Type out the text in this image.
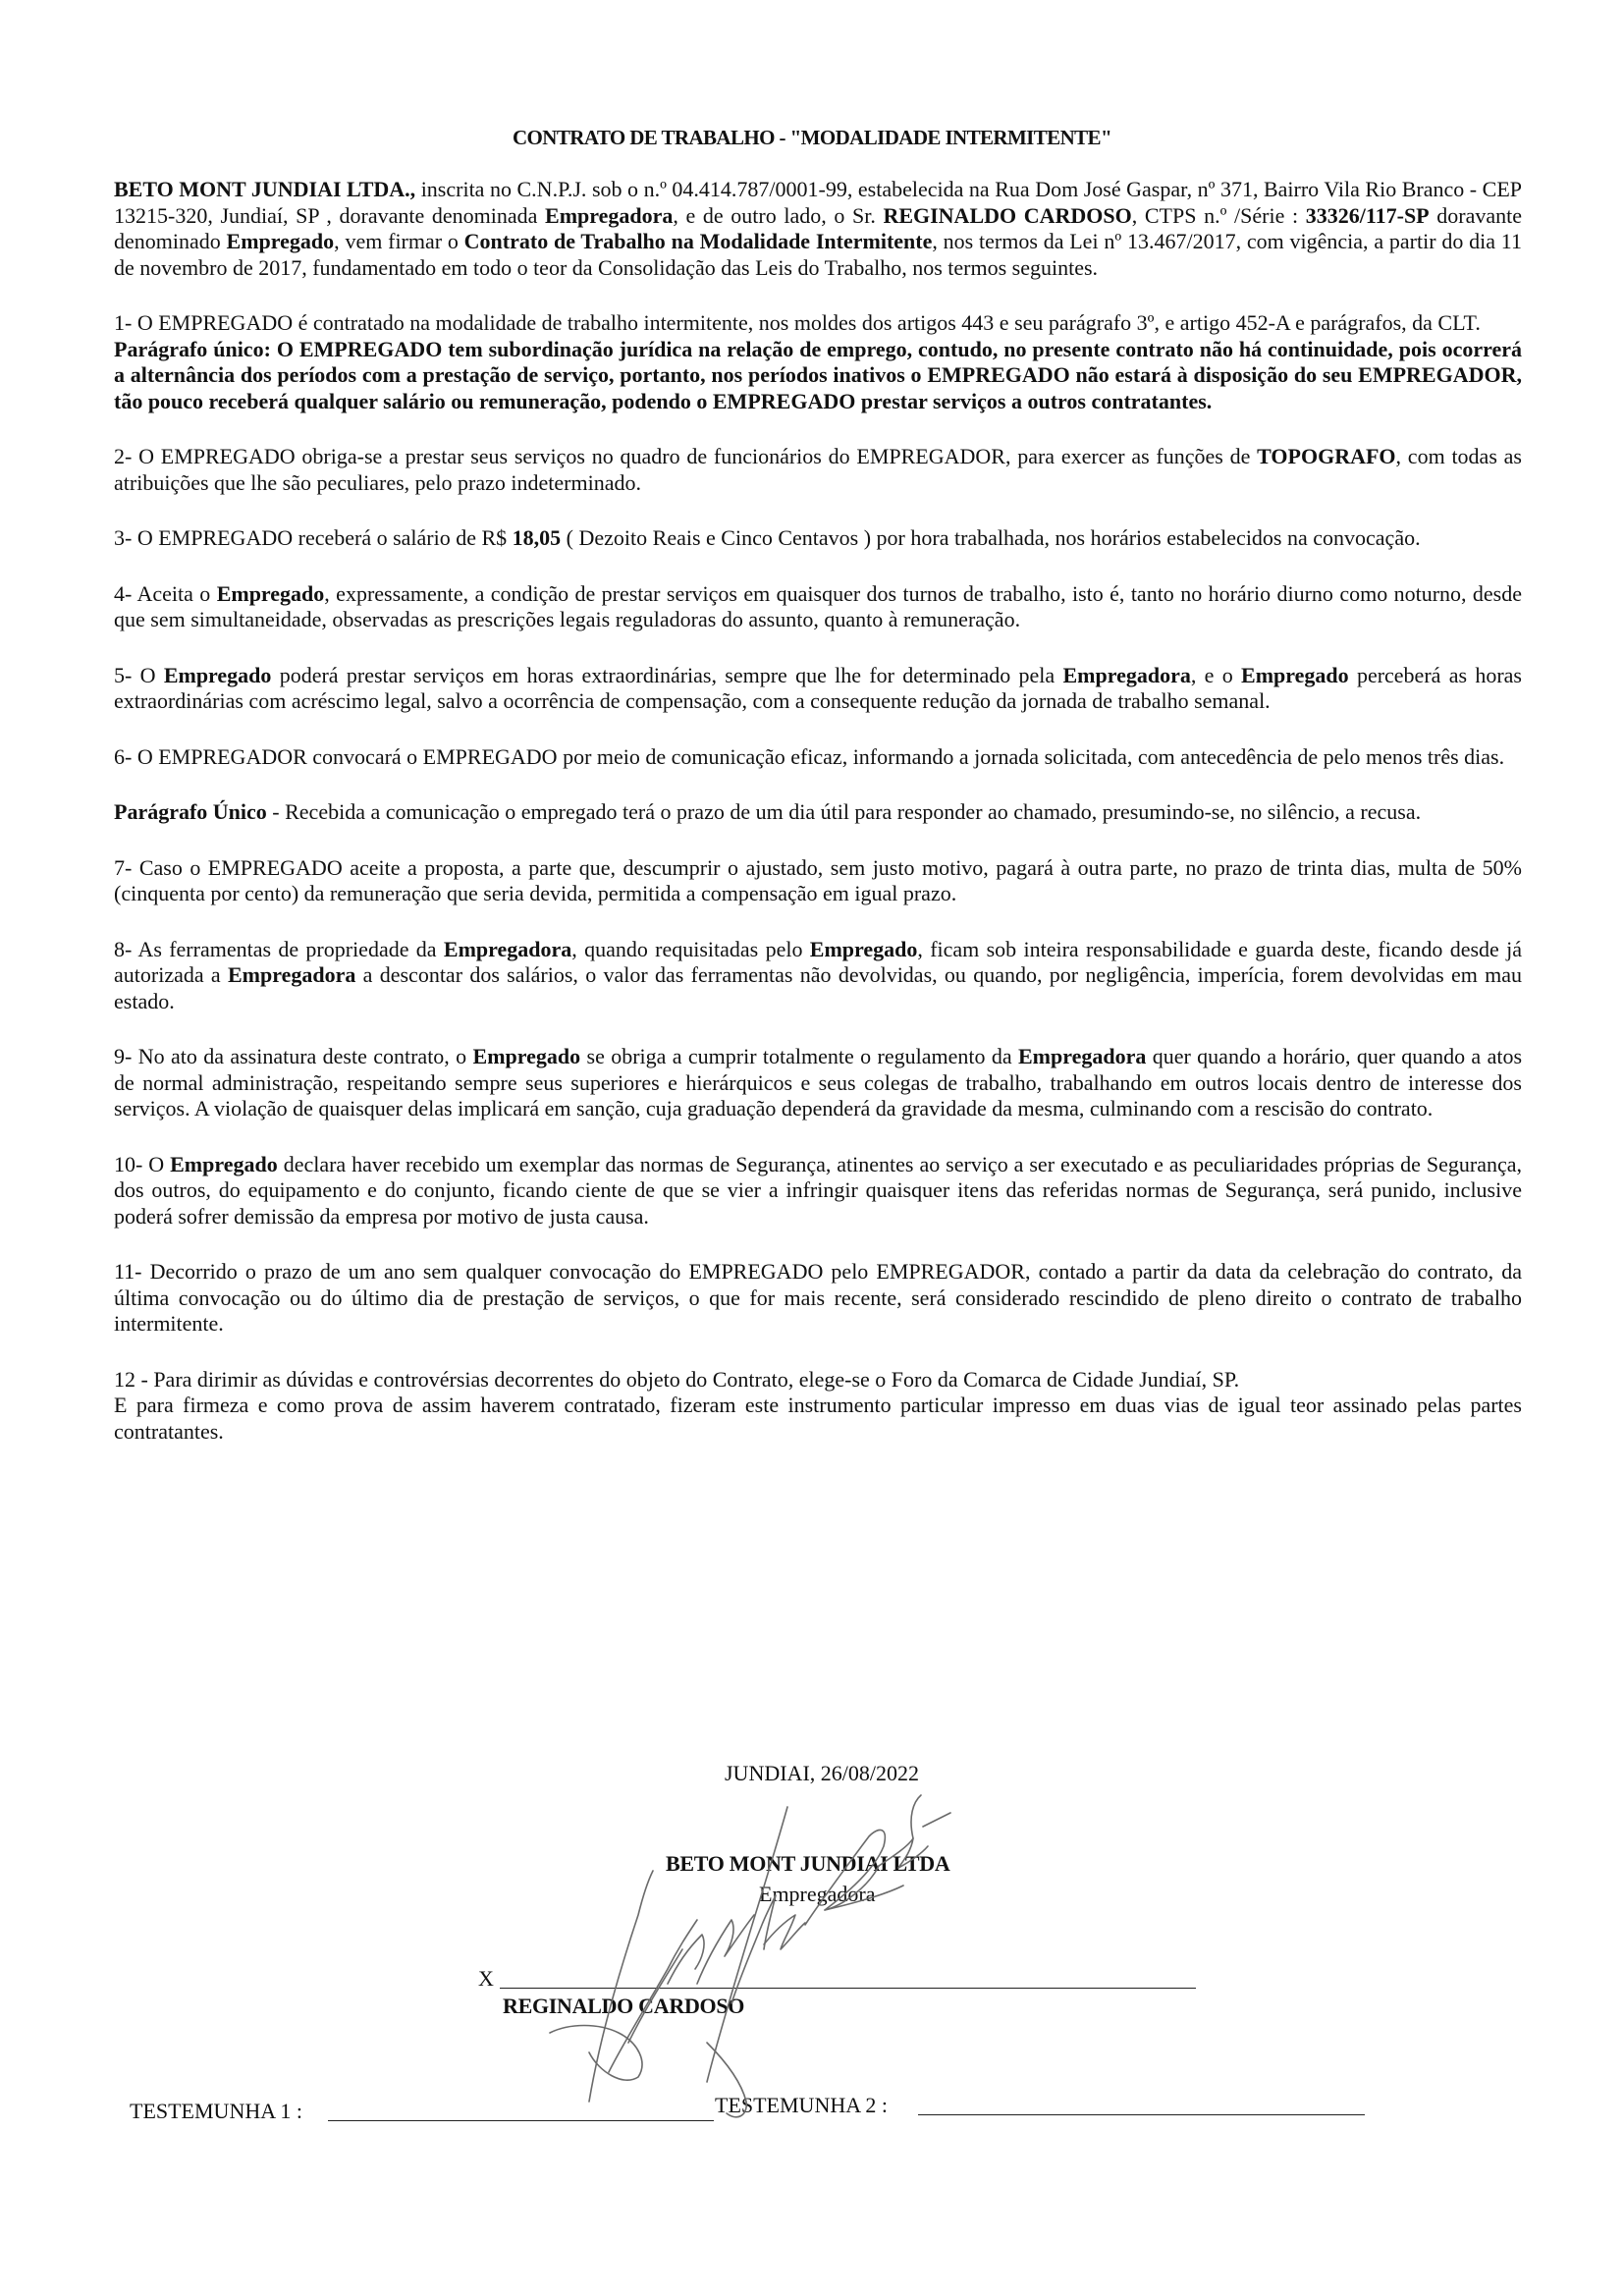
CONTRATO DE TRABALHO - "MODALIDADE INTERMITENTE"

BETO MONT JUNDIAI LTDA., inscrita no C.N.P.J. sob o n.º 04.414.787/0001-99, estabelecida na Rua Dom José Gaspar, nº 371, Bairro Vila Rio Branco - CEP 13215-320, Jundiaí, SP , doravante denominada Empregadora, e de outro lado, o Sr. REGINALDO CARDOSO, CTPS n.º /Série : 33326/117-SP doravante denominado Empregado, vem firmar o Contrato de Trabalho na Modalidade Intermitente, nos termos da Lei nº 13.467/2017, com vigência, a partir do dia 11 de novembro de 2017, fundamentado em todo o teor da Consolidação das Leis do Trabalho, nos termos seguintes.

1- O EMPREGADO é contratado na modalidade de trabalho intermitente, nos moldes dos artigos 443 e seu parágrafo 3º, e artigo 452-A e parágrafos, da CLT.

Parágrafo único: O EMPREGADO tem subordinação jurídica na relação de emprego, contudo, no presente contrato não há continuidade, pois ocorrerá a alternância dos períodos com a prestação de serviço, portanto, nos períodos inativos o EMPREGADO não estará à disposição do seu EMPREGADOR, tão pouco receberá qualquer salário ou remuneração, podendo o EMPREGADO prestar serviços a outros contratantes.

2- O EMPREGADO obriga-se a prestar seus serviços no quadro de funcionários do EMPREGADOR, para exercer as funções de TOPOGRAFO, com todas as atribuições que lhe são peculiares, pelo prazo indeterminado.

3- O EMPREGADO receberá o salário de R$ 18,05 ( Dezoito Reais e Cinco Centavos ) por hora trabalhada, nos horários estabelecidos na convocação.

4- Aceita o Empregado, expressamente, a condição de prestar serviços em quaisquer dos turnos de trabalho, isto é, tanto no horário diurno como noturno, desde que sem simultaneidade, observadas as prescrições legais reguladoras do assunto, quanto à remuneração.

5- O Empregado poderá prestar serviços em horas extraordinárias, sempre que lhe for determinado pela Empregadora, e o Empregado perceberá as horas extraordinárias com acréscimo legal, salvo a ocorrência de compensação, com a consequente redução da jornada de trabalho semanal.

6- O EMPREGADOR convocará o EMPREGADO por meio de comunicação eficaz, informando a jornada solicitada, com antecedência de pelo menos três dias.

Parágrafo Único - Recebida a comunicação o empregado terá o prazo de um dia útil para responder ao chamado, presumindo-se, no silêncio, a recusa.

7- Caso o EMPREGADO aceite a proposta, a parte que, descumprir o ajustado, sem justo motivo, pagará à outra parte, no prazo de trinta dias, multa de 50% (cinquenta por cento) da remuneração que seria devida, permitida a compensação em igual prazo.

8- As ferramentas de propriedade da Empregadora, quando requisitadas pelo Empregado, ficam sob inteira responsabilidade e guarda deste, ficando desde já autorizada a Empregadora a descontar dos salários, o valor das ferramentas não devolvidas, ou quando, por negligência, imperícia, forem devolvidas em mau estado.

9- No ato da assinatura deste contrato, o Empregado se obriga a cumprir totalmente o regulamento da Empregadora quer quando a horário, quer quando a atos de normal administração, respeitando sempre seus superiores e hierárquicos e seus colegas de trabalho, trabalhando em outros locais dentro de interesse dos serviços. A violação de quaisquer delas implicará em sanção, cuja graduação dependerá da gravidade da mesma, culminando com a rescisão do contrato.

10- O Empregado declara haver recebido um exemplar das normas de Segurança, atinentes ao serviço a ser executado e as peculiaridades próprias de Segurança, dos outros, do equipamento e do conjunto, ficando ciente de que se vier a infringir quaisquer itens das referidas normas de Segurança, será punido, inclusive poderá sofrer demissão da empresa por motivo de justa causa.

11- Decorrido o prazo de um ano sem qualquer convocação do EMPREGADO pelo EMPREGADOR, contado a partir da data da celebração do contrato, da última convocação ou do último dia de prestação de serviços, o que for mais recente, será considerado rescindido de pleno direito o contrato de trabalho intermitente.

12 - Para dirimir as dúvidas e controvérsias decorrentes do objeto do Contrato, elege-se o Foro da Comarca de Cidade Jundiaí, SP.

E para firmeza e como prova de assim haverem contratado, fizeram este instrumento particular impresso em duas vias de igual teor assinado pelas partes contratantes.

JUNDIAI, 26/08/2022
BETO MONT JUNDIAI LTDA
Empregadora
X
REGINALDO CARDOSO
TESTEMUNHA 1 :	TESTEMUNHA 2 :
